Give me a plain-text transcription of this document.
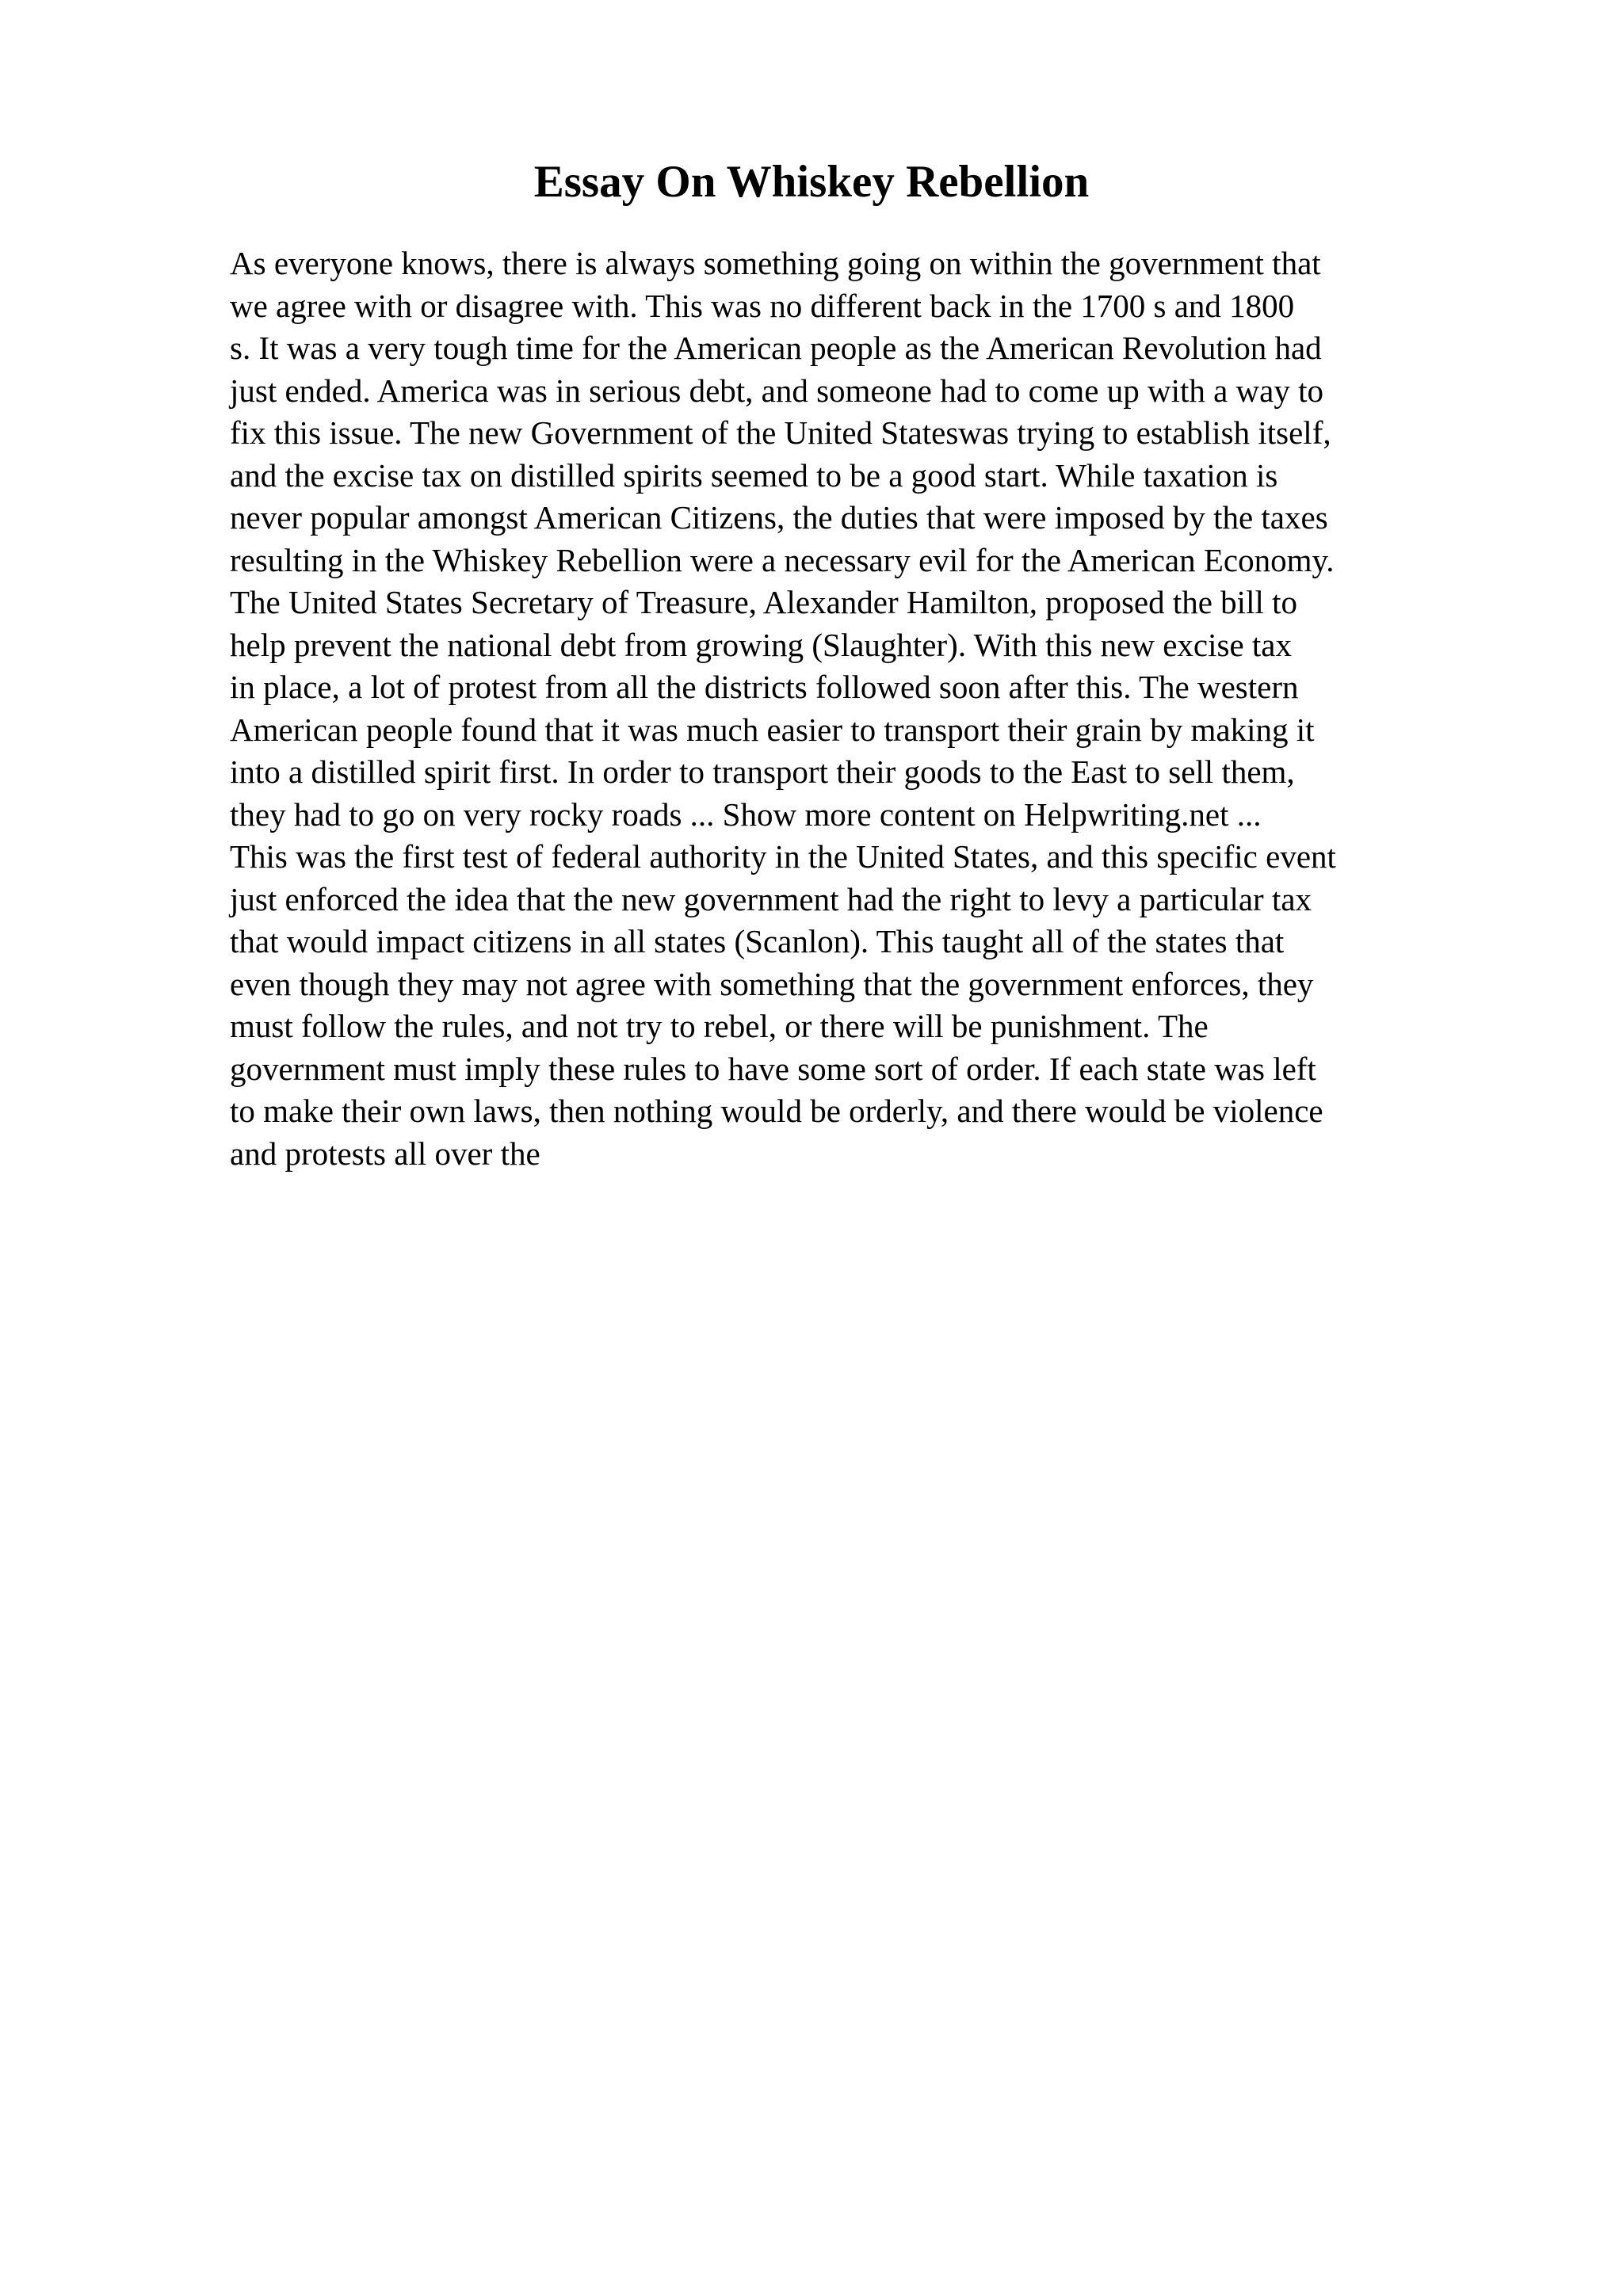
Essay On Whiskey Rebellion
As everyone knows, there is always something going on within the government that
we agree with or disagree with. This was no different back in the 1700 s and 1800
s. It was a very tough time for the American people as the American Revolution had
just ended. America was in serious debt, and someone had to come up with a way to
fix this issue. The new Government of the United Stateswas trying to establish itself,
and the excise tax on distilled spirits seemed to be a good start. While taxation is
never popular amongst American Citizens, the duties that were imposed by the taxes
resulting in the Whiskey Rebellion were a necessary evil for the American Economy.
The United States Secretary of Treasure, Alexander Hamilton, proposed the bill to
help prevent the national debt from growing (Slaughter). With this new excise tax
in place, a lot of protest from all the districts followed soon after this. The western
American people found that it was much easier to transport their grain by making it
into a distilled spirit first. In order to transport their goods to the East to sell them,
they had to go on very rocky roads ... Show more content on Helpwriting.net ...
This was the first test of federal authority in the United States, and this specific event
just enforced the idea that the new government had the right to levy a particular tax
that would impact citizens in all states (Scanlon). This taught all of the states that
even though they may not agree with something that the government enforces, they
must follow the rules, and not try to rebel, or there will be punishment. The
government must imply these rules to have some sort of order. If each state was left
to make their own laws, then nothing would be orderly, and there would be violence
and protests all over the
